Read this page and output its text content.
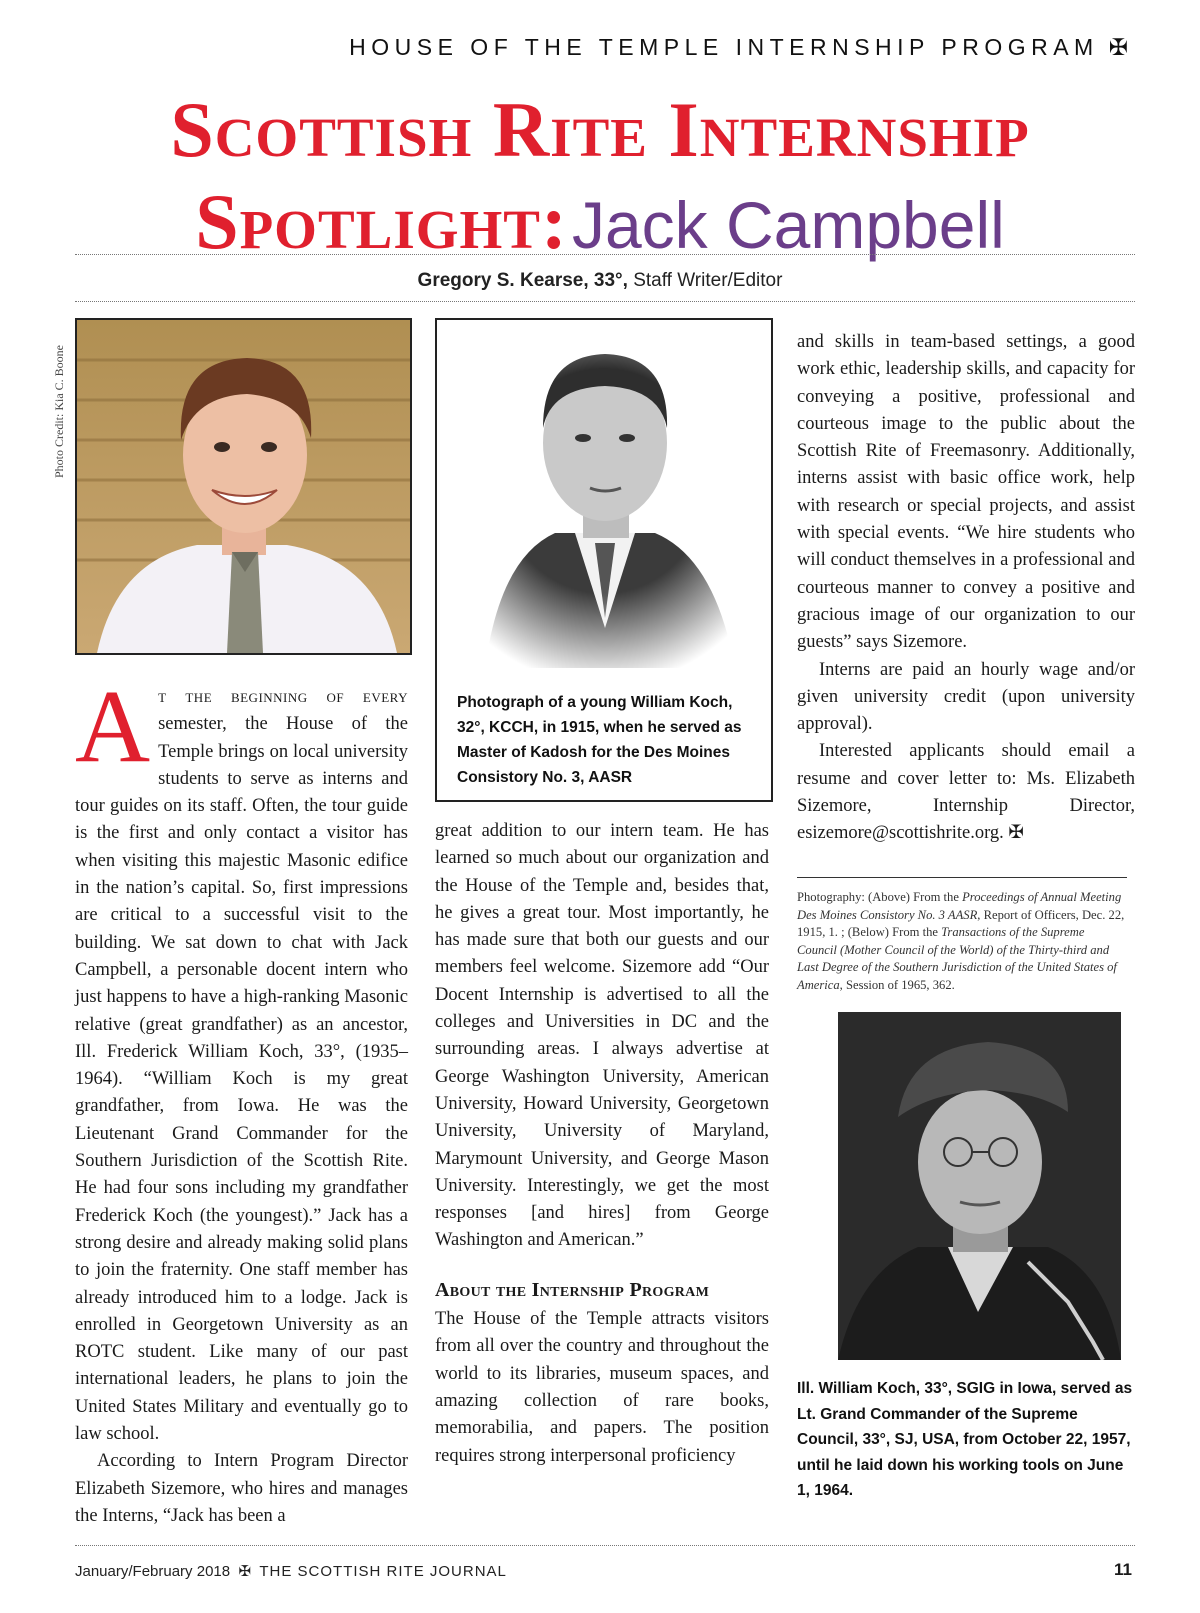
HOUSE OF THE TEMPLE INTERNSHIP PROGRAM ✠
Scottish Rite Internship
Spotlight: Jack Campbell
Gregory S. Kearse, 33°, Staff Writer/Editor
Photo Credit: Kia C. Boone
Photograph of a young William Koch, 32°, KCCH, in 1915, when he served as Master of Kadosh for the Des Moines Consistory No. 3, AASR

At the beginning of every semester, the House of the Temple brings on local university students to serve as interns and tour guides on its staff. Often, the tour guide is the first and only contact a visitor has when visiting this majestic Masonic edifice in the nation’s capital. So, first impressions are critical to a successful visit to the building. We sat down to chat with Jack Campbell, a personable docent intern who just happens to have a high-ranking Masonic relative (great grandfather) as an ancestor, Ill. Frederick William Koch, 33°, (1935–1964). “William Koch is my great grandfather, from Iowa. He was the Lieutenant Grand Commander for the Southern Jurisdiction of the Scottish Rite. He had four sons including my grandfather Frederick Koch (the youngest).” Jack has a strong desire and already making solid plans to join the fraternity. One staff member has already introduced him to a lodge. Jack is enrolled in Georgetown University as an ROTC student. Like many of our past international leaders, he plans to join the United States Military and eventually go to law school.

According to Intern Program Director Elizabeth Sizemore, who hires and manages the Interns, “Jack has been a

great addition to our intern team. He has learned so much about our organization and the House of the Temple and, besides that, he gives a great tour. Most importantly, he has made sure that both our guests and our members feel welcome. Sizemore add “Our Docent Internship is advertised to all the colleges and Universities in DC and the surrounding areas. I always advertise at George Washington University, American University, Howard University, Georgetown University, University of Maryland, Marymount University, and George Mason University. Interestingly, we get the most responses [and hires] from George Washington and American.”

About the Internship Program

The House of the Temple attracts visitors from all over the country and throughout the world to its libraries, museum spaces, and amazing collection of rare books, memorabilia, and papers. The position requires strong interpersonal proficiency

and skills in team-based settings, a good work ethic, leadership skills, and capacity for conveying a positive, professional and courteous image to the public about the Scottish Rite of Freemasonry. Additionally, interns assist with basic office work, help with research or special projects, and assist with special events. “We hire students who will conduct themselves in a professional and courteous manner to convey a positive and gracious image of our organization to our guests” says Sizemore.

Interns are paid an hourly wage and/or given university credit (upon university approval).

Interested applicants should email a resume and cover letter to: Ms. Elizabeth Sizemore, Internship Director, esizemore@scottishrite.org. ✠

Photography: (Above) From the Proceedings of Annual Meeting Des Moines Consistory No. 3 AASR, Report of Officers, Dec. 22, 1915, 1. ; (Below) From the Transactions of the Supreme Council (Mother Council of the World) of the Thirty-third and Last Degree of the Southern Jurisdiction of the United States of America, Session of 1965, 362.
Ill. William Koch, 33°, SGIG in Iowa, served as Lt. Grand Commander of the Supreme Council, 33°, SJ, USA, from October 22, 1957, until he laid down his working tools on June 1, 1964.
January/February 2018 ✠ THE SCOTTISH RITE JOURNAL	11
